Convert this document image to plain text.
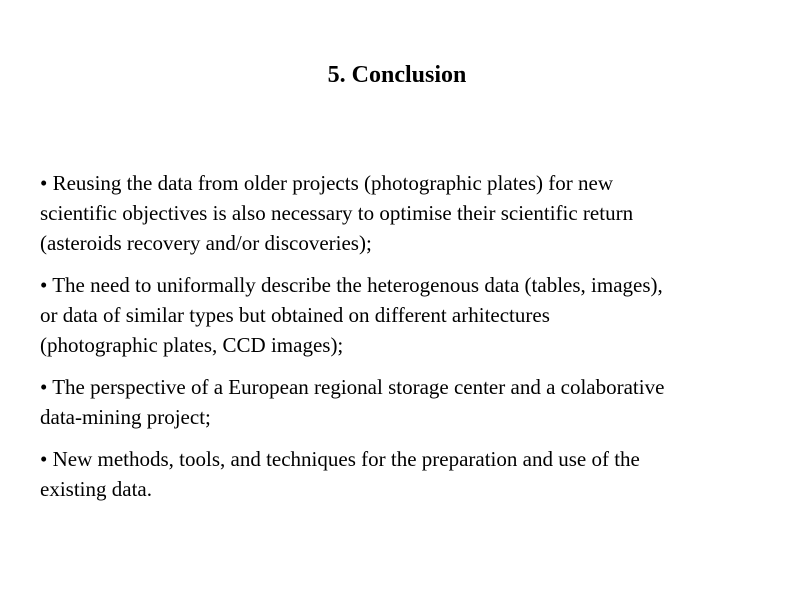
5. Conclusion
• Reusing the data from older projects (photographic plates) for new
scientific objectives is also necessary to optimise their scientific return
(asteroids recovery and/or discoveries);
• The need to uniformally describe the heterogenous data (tables, images),
or data of similar types but obtained on different arhitectures
(photographic plates, CCD images);
• The perspective of a European regional storage center and a colaborative
data-mining project;
• New methods, tools, and techniques for the preparation and use of the
existing data.
